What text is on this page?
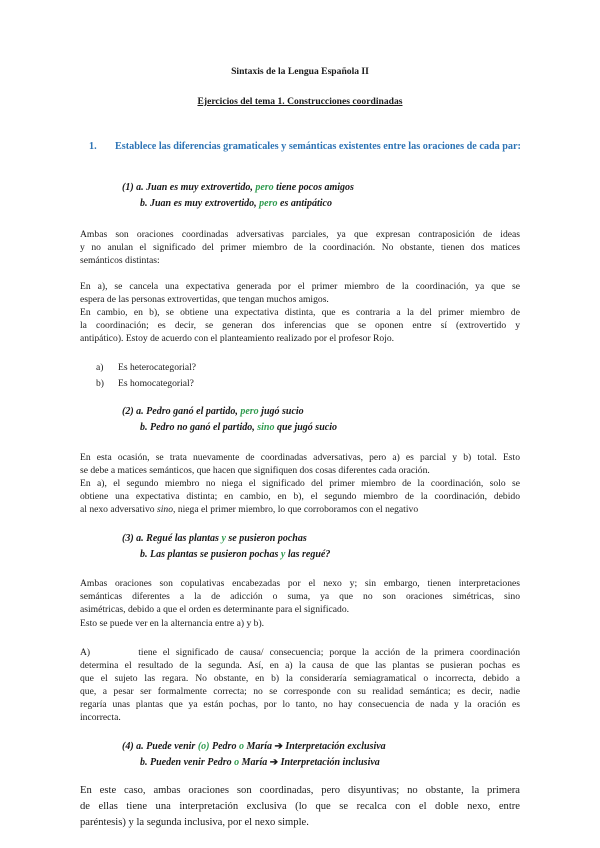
Sintaxis de la Lengua Española II
Ejercicios del tema 1. Construcciones coordinadas
1. Establece las diferencias gramaticales y semánticas existentes entre las oraciones de cada par:
(1) a. Juan es muy extrovertido, pero tiene pocos amigos
b. Juan es muy extrovertido, pero es antipático
Ambas son oraciones coordinadas adversativas parciales, ya que expresan contraposición de ideas
y no anulan el significado del primer miembro de la coordinación. No obstante, tienen dos matices
semánticos distintas:
En a), se cancela una expectativa generada por el primer miembro de la coordinación, ya que se
espera de las personas extrovertidas, que tengan muchos amigos.
En cambio, en b), se obtiene una expectativa distinta, que es contraria a la del primer miembro de
la coordinación; es decir, se generan dos inferencias que se oponen entre sí (extrovertido y
antipático). Estoy de acuerdo con el planteamiento realizado por el profesor Rojo.
a) Es heterocategorial?
b) Es homocategorial?
(2) a. Pedro ganó el partido, pero jugó sucio
b. Pedro no ganó el partido, sino que jugó sucio
En esta ocasión, se trata nuevamente de coordinadas adversativas, pero a) es parcial y b) total. Esto
se debe a matices semánticos, que hacen que signifiquen dos cosas diferentes cada oración.
En a), el segundo miembro no niega el significado del primer miembro de la coordinación, solo se
obtiene una expectativa distinta; en cambio, en b), el segundo miembro de la coordinación, debido
al nexo adversativo sino, niega el primer miembro, lo que corroboramos con el negativo
(3) a. Regué las plantas y se pusieron pochas
b. Las plantas se pusieron pochas y las regué?
Ambas oraciones son copulativas encabezadas por el nexo y; sin embargo, tienen interpretaciones
semánticas diferentes a la de adicción o suma, ya que no son oraciones simétricas, sino
asimétricas, debido a que el orden es determinante para el significado.
Esto se puede ver en la alternancia entre a) y b).
A)        tiene el significado de causa/ consecuencia; porque la acción de la primera coordinación
determina el resultado de la segunda. Así, en a) la causa de que las plantas se pusieran pochas es
que el sujeto las regara. No obstante, en b) la consideraría semiagramatical o incorrecta, debido a
que, a pesar ser formalmente correcta; no se corresponde con su realidad semántica; es decir, nadie
regaría unas plantas que ya están pochas, por lo tanto, no hay consecuencia de nada y la oración es
incorrecta.
(4) a. Puede venir (o) Pedro o María ➔ Interpretación exclusiva
b. Pueden venir Pedro o María ➔ Interpretación inclusiva
En este caso, ambas oraciones son coordinadas, pero disyuntivas; no obstante, la primera
de ellas tiene una interpretación exclusiva (lo que se recalca con el doble nexo, entre
paréntesis) y la segunda inclusiva, por el nexo simple.
